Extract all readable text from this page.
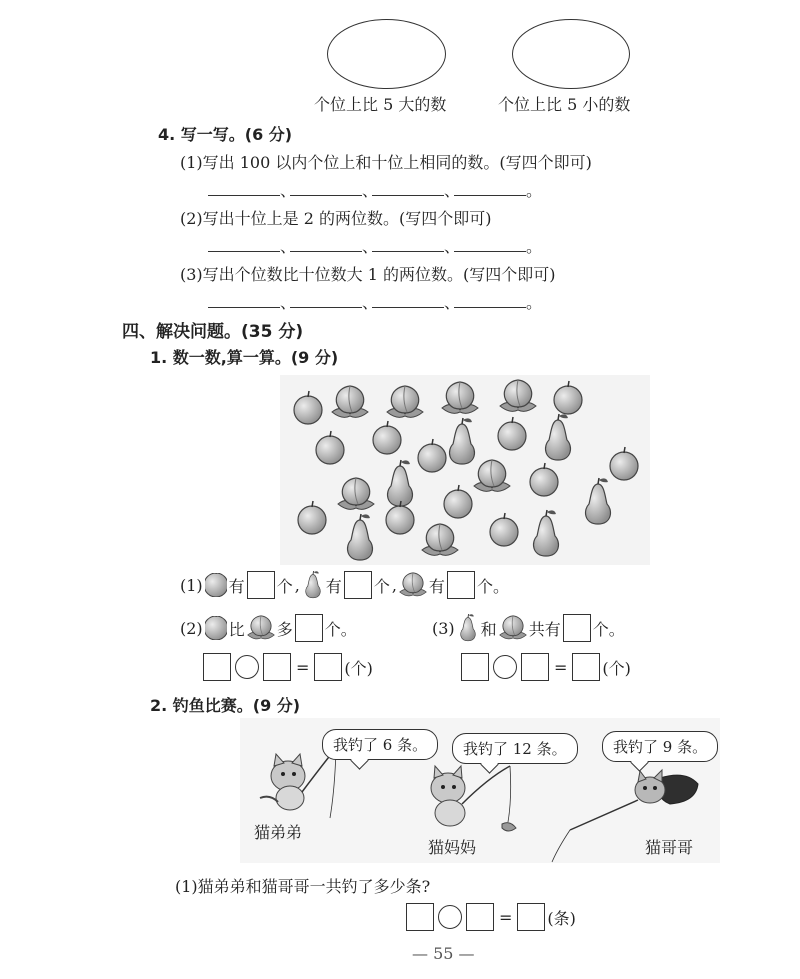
个位上比 5 大的数	个位上比 5 小的数
4. 写一写。(6 分)
(1)写出 100 以内个位上和十位上相同的数。(写四个即可)
、	、	、	。
(2)写出十位上是 2 的两位数。(写四个即可)
、	、	、	。
(3)写出个位数比十位数大 1 的两位数。(写四个即可)
、	、	、	。
四、解决问题。(35 分)
1. 数一数,算一算。(9 分)
(1) 有 个 , 有 个 , 有 个。
(2) 比 多 个。	(3) 和 共有 个。
= (个)	= (个)
2. 钓鱼比赛。(9 分)
我钓了 6 条。	我钓了 12 条。	我钓了 9 条。
猫弟弟
猫妈妈	猫哥哥
(1)猫弟弟和猫哥哥一共钓了多少条?
= (条)
— 55 —
